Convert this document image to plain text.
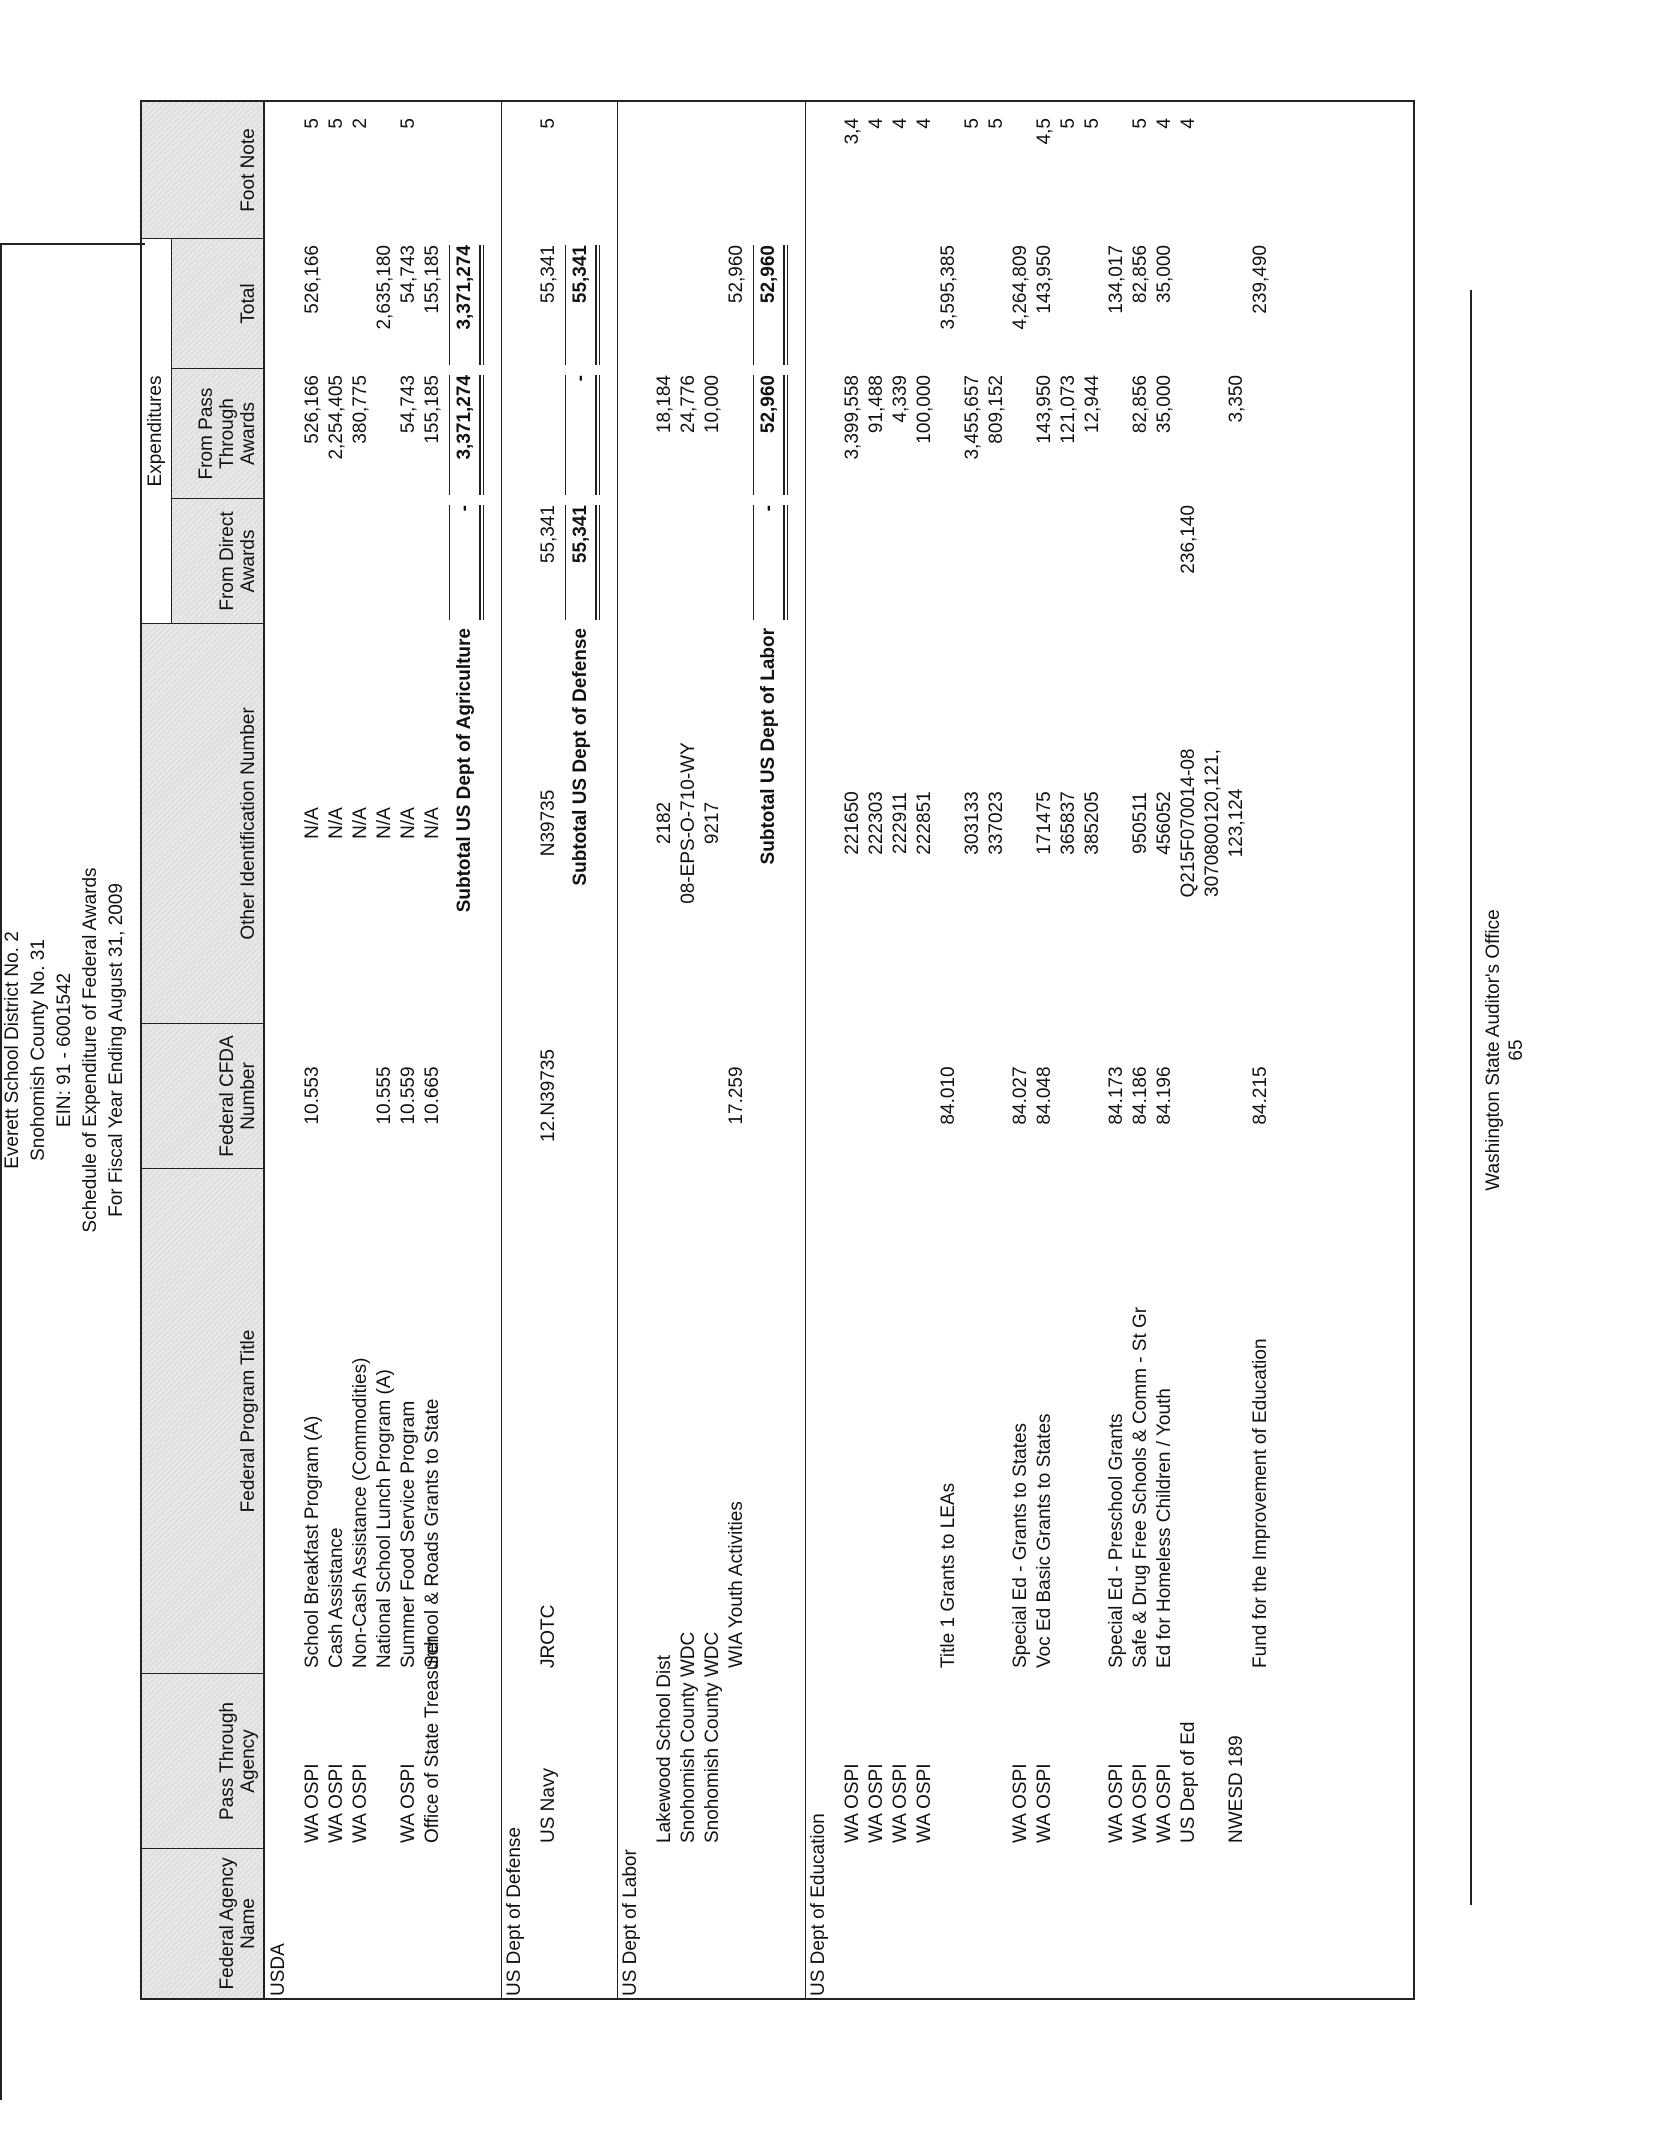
Everett School District No. 2 Snohomish County No. 31 EIN: 91 - 6001542 Schedule of Expenditure of Federal Awards For Fiscal Year Ending August 31, 2009
Federal Agency Name
Pass Through Agency
Federal Program Title
Federal CFDA Number
Other Identification Number
Expenditures
From Direct Awards
From Pass Through Awards
Total
Foot Note
USDA
WA OSPI
School Breakfast Program (A)
10.553
N/A
526,166
526,166
5
WA OSPI
Cash Assistance
N/A
2,254,405
5
WA OSPI
Non-Cash Assistance (Commodities)
N/A
380,775
2
National School Lunch Program (A)
10.555
N/A
2,635,180
WA OSPI
Summer Food Service Program
10.559
N/A
54,743
54,743
5
Office of State Treasurer
School & Roads Grants to State
10.665
N/A
155,185
155,185
Subtotal US Dept of Agriculture
-
3,371,274
3,371,274
US Dept of Defense
US Navy
JROTC
12.N39735
N39735
55,341
55,341
5
Subtotal US Dept of Defense
55,341
-
55,341
US Dept of Labor
Lakewood School Dist
2182
18,184
Snohomish County WDC
08-EPS-O-710-WY
24,776
Snohomish County WDC
9217
10,000
WIA Youth Activities
17.259
52,960
Subtotal US Dept of Labor
-
52,960
52,960
US Dept of Education
WA OSPI
221650
3,399,558
3,4
WA OSPI
222303
91,488
4
WA OSPI
222911
4,339
4
WA OSPI
222851
100,000
4
Title 1 Grants to LEAs
84.010
3,595,385
303133
3,455,657
5
337023
809,152
5
WA OSPI
Special Ed - Grants to States
84.027
4,264,809
WA OSPI
Voc Ed Basic Grants to States
84.048
171475
143,950
143,950
4,5
365837
121,073
5
385205
12,944
5
WA OSPI
Special Ed - Preschool Grants
84.173
134,017
WA OSPI
Safe & Drug Free Schools & Comm - St Gr
84.186
950511
82,856
82,856
5
WA OSPI
Ed for Homeless Children / Youth
84.196
456052
35,000
35,000
4
US Dept of Ed
Q215F070014-08
236,140
4
3070800120,121,
NWESD 189
123,124
3,350
Fund for the Improvement of Education
84.215
239,490
Washington State Auditor's Office 65
